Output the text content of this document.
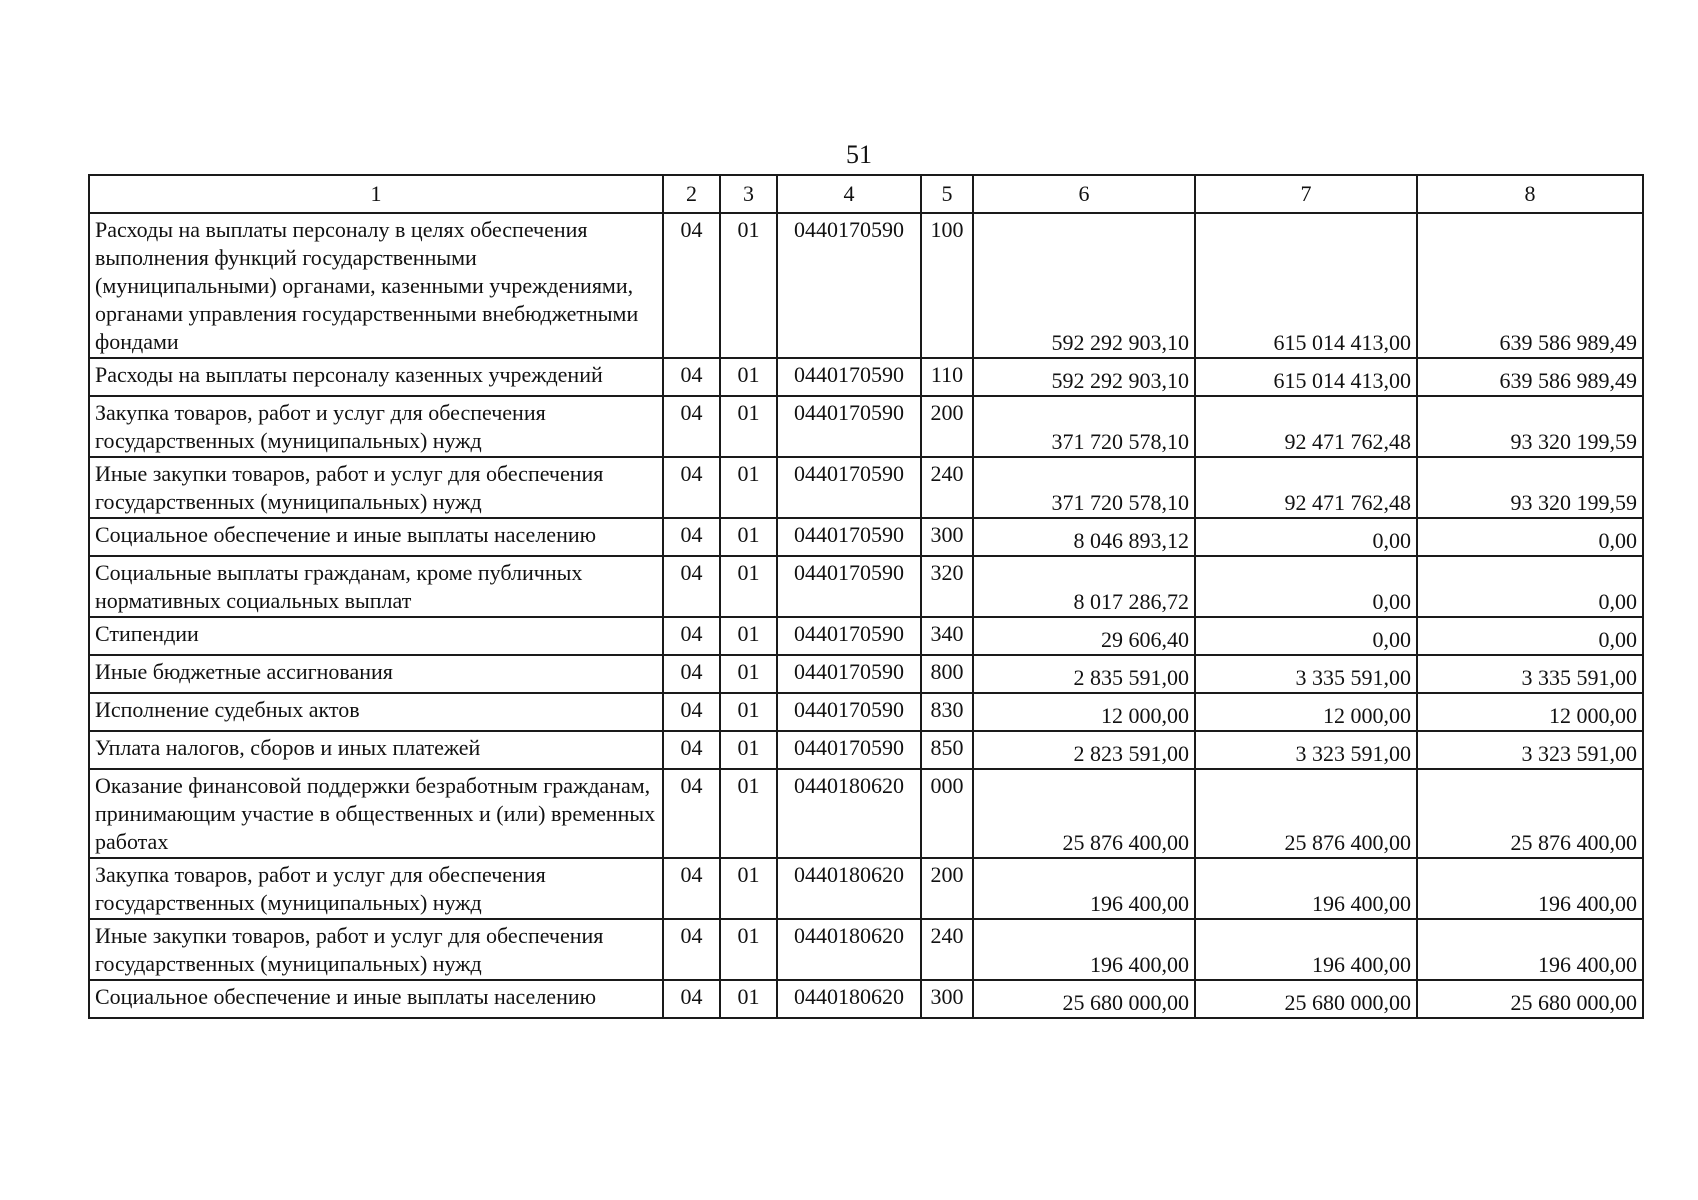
51
1	2	3	4	5	6	7	8
Расходы на выплаты персоналу в целях обеспечения выполнения функций государственными (муниципальными) органами, казенными учреждениями, органами управления государственными внебюджетными фондами	04	01	0440170590	100	592 292 903,10	615 014 413,00	639 586 989,49
Расходы на выплаты персоналу казенных учреждений	04	01	0440170590	110	592 292 903,10	615 014 413,00	639 586 989,49
Закупка товаров, работ и услуг для обеспечения государственных (муниципальных) нужд	04	01	0440170590	200	371 720 578,10	92 471 762,48	93 320 199,59
Иные закупки товаров, работ и услуг для обеспечения государственных (муниципальных) нужд	04	01	0440170590	240	371 720 578,10	92 471 762,48	93 320 199,59
Социальное обеспечение и иные выплаты населению	04	01	0440170590	300	8 046 893,12	0,00	0,00
Социальные выплаты гражданам, кроме публичных нормативных социальных выплат	04	01	0440170590	320	8 017 286,72	0,00	0,00
Стипендии	04	01	0440170590	340	29 606,40	0,00	0,00
Иные бюджетные ассигнования	04	01	0440170590	800	2 835 591,00	3 335 591,00	3 335 591,00
Исполнение судебных актов	04	01	0440170590	830	12 000,00	12 000,00	12 000,00
Уплата налогов, сборов и иных платежей	04	01	0440170590	850	2 823 591,00	3 323 591,00	3 323 591,00
Оказание финансовой поддержки безработным гражданам, принимающим участие в общественных и (или) временных работах	04	01	0440180620	000	25 876 400,00	25 876 400,00	25 876 400,00
Закупка товаров, работ и услуг для обеспечения государственных (муниципальных) нужд	04	01	0440180620	200	196 400,00	196 400,00	196 400,00
Иные закупки товаров, работ и услуг для обеспечения государственных (муниципальных) нужд	04	01	0440180620	240	196 400,00	196 400,00	196 400,00
Социальное обеспечение и иные выплаты населению	04	01	0440180620	300	25 680 000,00	25 680 000,00	25 680 000,00
